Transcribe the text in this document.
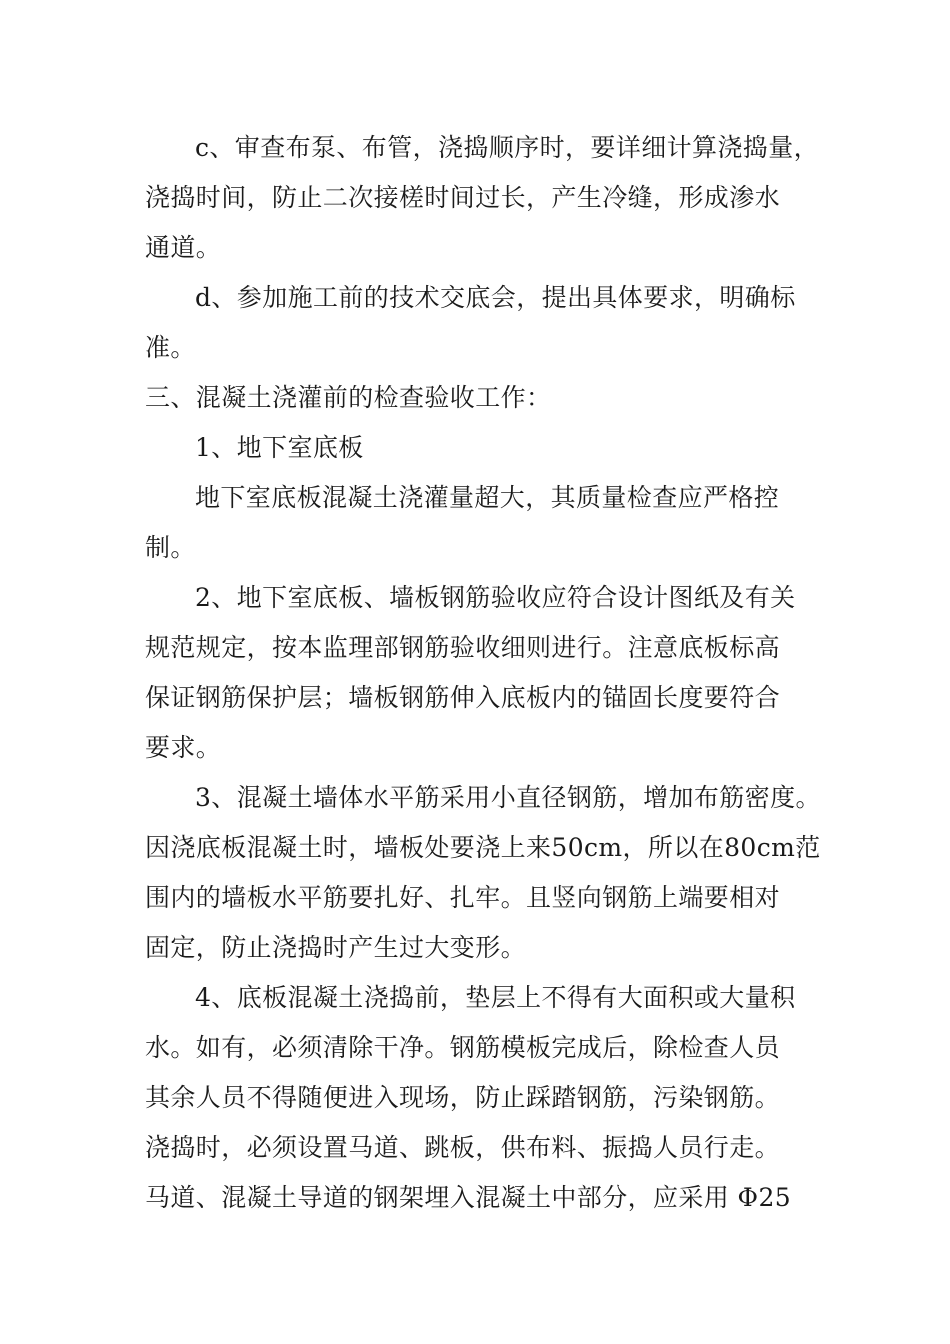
c、审查布泵、布管，浇捣顺序时，要详细计算浇捣量，
浇捣时间，防止二次接槎时间过长，产生冷缝，形成渗水
通道。
d、参加施工前的技术交底会，提出具体要求，明确标
准。
三、混凝土浇灌前的检查验收工作：
1、地下室底板
地下室底板混凝土浇灌量超大，其质量检查应严格控
制。
2、地下室底板、墙板钢筋验收应符合设计图纸及有关
规范规定，按本监理部钢筋验收细则进行。注意底板标高
保证钢筋保护层；墙板钢筋伸入底板内的锚固长度要符合
要求。
3、混凝土墙体水平筋采用小直径钢筋，增加布筋密度。
因浇底板混凝土时，墙板处要浇上来50cm，所以在80cm范
围内的墙板水平筋要扎好、扎牢。且竖向钢筋上端要相对
固定，防止浇捣时产生过大变形。
4、底板混凝土浇捣前，垫层上不得有大面积或大量积
水。如有，必须清除干净。钢筋模板完成后，除检查人员
其余人员不得随便进入现场，防止踩踏钢筋，污染钢筋。
浇捣时，必须设置马道、跳板，供布料、振捣人员行走。
马道、混凝土导道的钢架埋入混凝土中部分，应采用 Φ25
